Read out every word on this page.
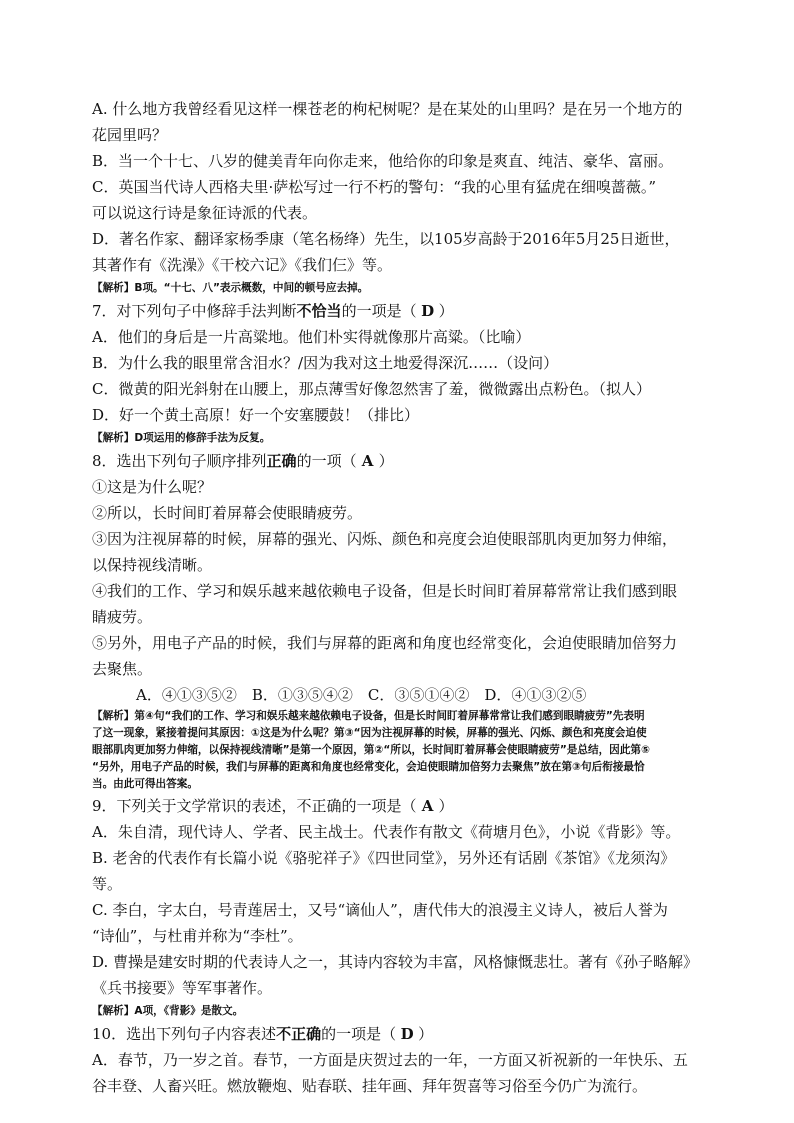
A. 什么地方我曾经看见这样一棵苍老的枸杞树呢？是在某处的山里吗？是在另一个地方的
花园里吗？
B．当一个十七、八岁的健美青年向你走来，他给你的印象是爽直、纯洁、豪华、富丽。
C．英国当代诗人西格夫里·萨松写过一行不朽的警句：“我的心里有猛虎在细嗅蔷薇。”
可以说这行诗是象征诗派的代表。
D．著名作家、翻译家杨季康（笔名杨绛）先生，以105岁高龄于2016年5月25日逝世，
其著作有《洗澡》《干校六记》《我们仨》等。
【解析】B项。“十七、八”表示概数，中间的顿号应去掉。
7．对下列句子中修辞手法判断不恰当的一项是（ D ）
A．他们的身后是一片高粱地。他们朴实得就像那片高粱。（比喻）
B．为什么我的眼里常含泪水？/因为我对这土地爱得深沉……（设问）
C．微黄的阳光斜射在山腰上，那点薄雪好像忽然害了羞，微微露出点粉色。（拟人）
D．好一个黄土高原！好一个安塞腰鼓！（排比）
【解析】D项运用的修辞手法为反复。
8．选出下列句子顺序排列正确的一项（ A ）
①这是为什么呢？
②所以，长时间盯着屏幕会使眼睛疲劳。
③因为注视屏幕的时候，屏幕的强光、闪烁、颜色和亮度会迫使眼部肌肉更加努力伸缩，
以保持视线清晰。
④我们的工作、学习和娱乐越来越依赖电子设备，但是长时间盯着屏幕常常让我们感到眼
睛疲劳。
⑤另外，用电子产品的时候，我们与屏幕的距离和角度也经常变化，会迫使眼睛加倍努力
去聚焦。
A．④①③⑤②　B．①③⑤④②　C．③⑤①④②　D．④①③②⑤
【解析】第④句“我们的工作、学习和娱乐越来越依赖电子设备，但是长时间盯着屏幕常常让我们感到眼睛疲劳”先表明
了这一现象，紧接着提问其原因：①这是为什么呢？第③“因为注视屏幕的时候，屏幕的强光、闪烁、颜色和亮度会迫使
眼部肌肉更加努力伸缩，以保持视线清晰”是第一个原因，第②“所以，长时间盯着屏幕会使眼睛疲劳”是总结，因此第⑤
“另外，用电子产品的时候，我们与屏幕的距离和角度也经常变化，会迫使眼睛加倍努力去聚焦”放在第③句后衔接最恰
当。由此可得出答案。
9．下列关于文学常识的表述，不正确的一项是（ A ）
A．朱自清，现代诗人、学者、民主战士。代表作有散文《荷塘月色》，小说《背影》等。
B. 老舍的代表作有长篇小说《骆驼祥子》《四世同堂》，另外还有话剧《茶馆》《龙须沟》
等。
C. 李白，字太白，号青莲居士，又号“谪仙人”，唐代伟大的浪漫主义诗人，被后人誉为
“诗仙”，与杜甫并称为“李杜”。
D. 曹操是建安时期的代表诗人之一，其诗内容较为丰富，风格慷慨悲壮。著有《孙子略解》
《兵书接要》等军事著作。
【解析】A项，《背影》是散文。
10．选出下列句子内容表述不正确的一项是（ D ）
A．春节，乃一岁之首。春节，一方面是庆贺过去的一年，一方面又祈祝新的一年快乐、五
谷丰登、人畜兴旺。燃放鞭炮、贴春联、挂年画、拜年贺喜等习俗至今仍广为流行。
